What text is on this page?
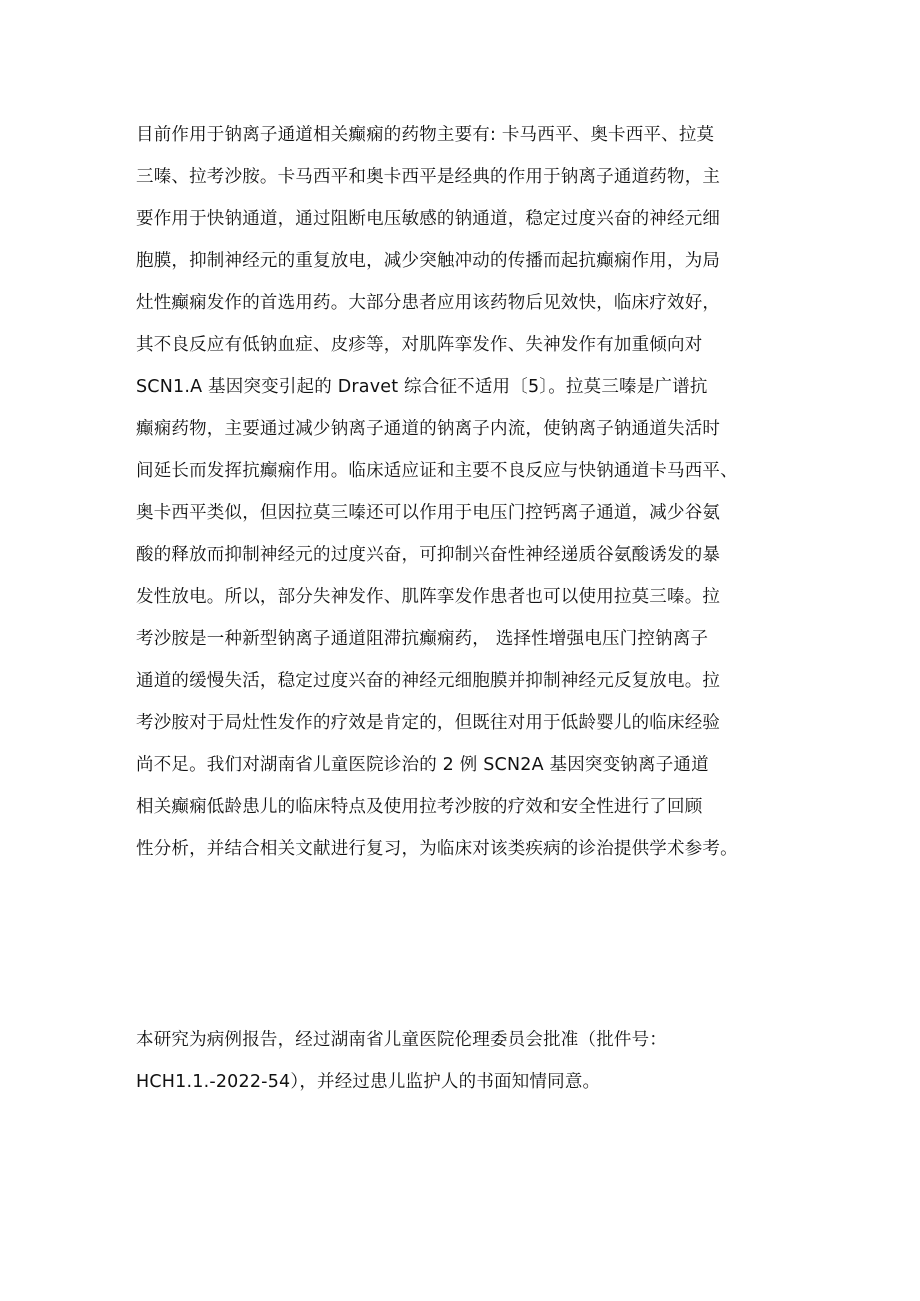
目前作用于钠离子通道相关癫痫的药物主要有: 卡马西平、奥卡西平、拉莫
三嗪、拉考沙胺。卡马西平和奥卡西平是经典的作用于钠离子通道药物，主
要作用于快钠通道，通过阻断电压敏感的钠通道，稳定过度兴奋的神经元细
胞膜，抑制神经元的重复放电，减少突触冲动的传播而起抗癫痫作用，为局
灶性癫痫发作的首选用药。大部分患者应用该药物后见效快，临床疗效好，
其不良反应有低钠血症、皮疹等，对肌阵挛发作、失神发作有加重倾向对
SCN1.A 基因突变引起的 Dravet 综合征不适用〔5〕。拉莫三嗪是广谱抗
癫痫药物，主要通过减少钠离子通道的钠离子内流，使钠离子钠通道失活时
间延长而发挥抗癫痫作用。临床适应证和主要不良反应与快钠通道卡马西平、
奥卡西平类似，但因拉莫三嗪还可以作用于电压门控钙离子通道，减少谷氨
酸的释放而抑制神经元的过度兴奋，可抑制兴奋性神经递质谷氨酸诱发的暴
发性放电。所以，部分失神发作、肌阵挛发作患者也可以使用拉莫三嗪。拉
考沙胺是一种新型钠离子通道阻滞抗癫痫药， 选择性增强电压门控钠离子
通道的缓慢失活，稳定过度兴奋的神经元细胞膜并抑制神经元反复放电。拉
考沙胺对于局灶性发作的疗效是肯定的，但既往对用于低龄婴儿的临床经验
尚不足。我们对湖南省儿童医院诊治的 2 例 SCN2A 基因突变钠离子通道
相关癫痫低龄患儿的临床特点及使用拉考沙胺的疗效和安全性进行了回顾
性分析，并结合相关文献进行复习，为临床对该类疾病的诊治提供学术参考。
本研究为病例报告，经过湖南省儿童医院伦理委员会批准（批件号：
HCH1.1.-2022-54），并经过患儿监护人的书面知情同意。
